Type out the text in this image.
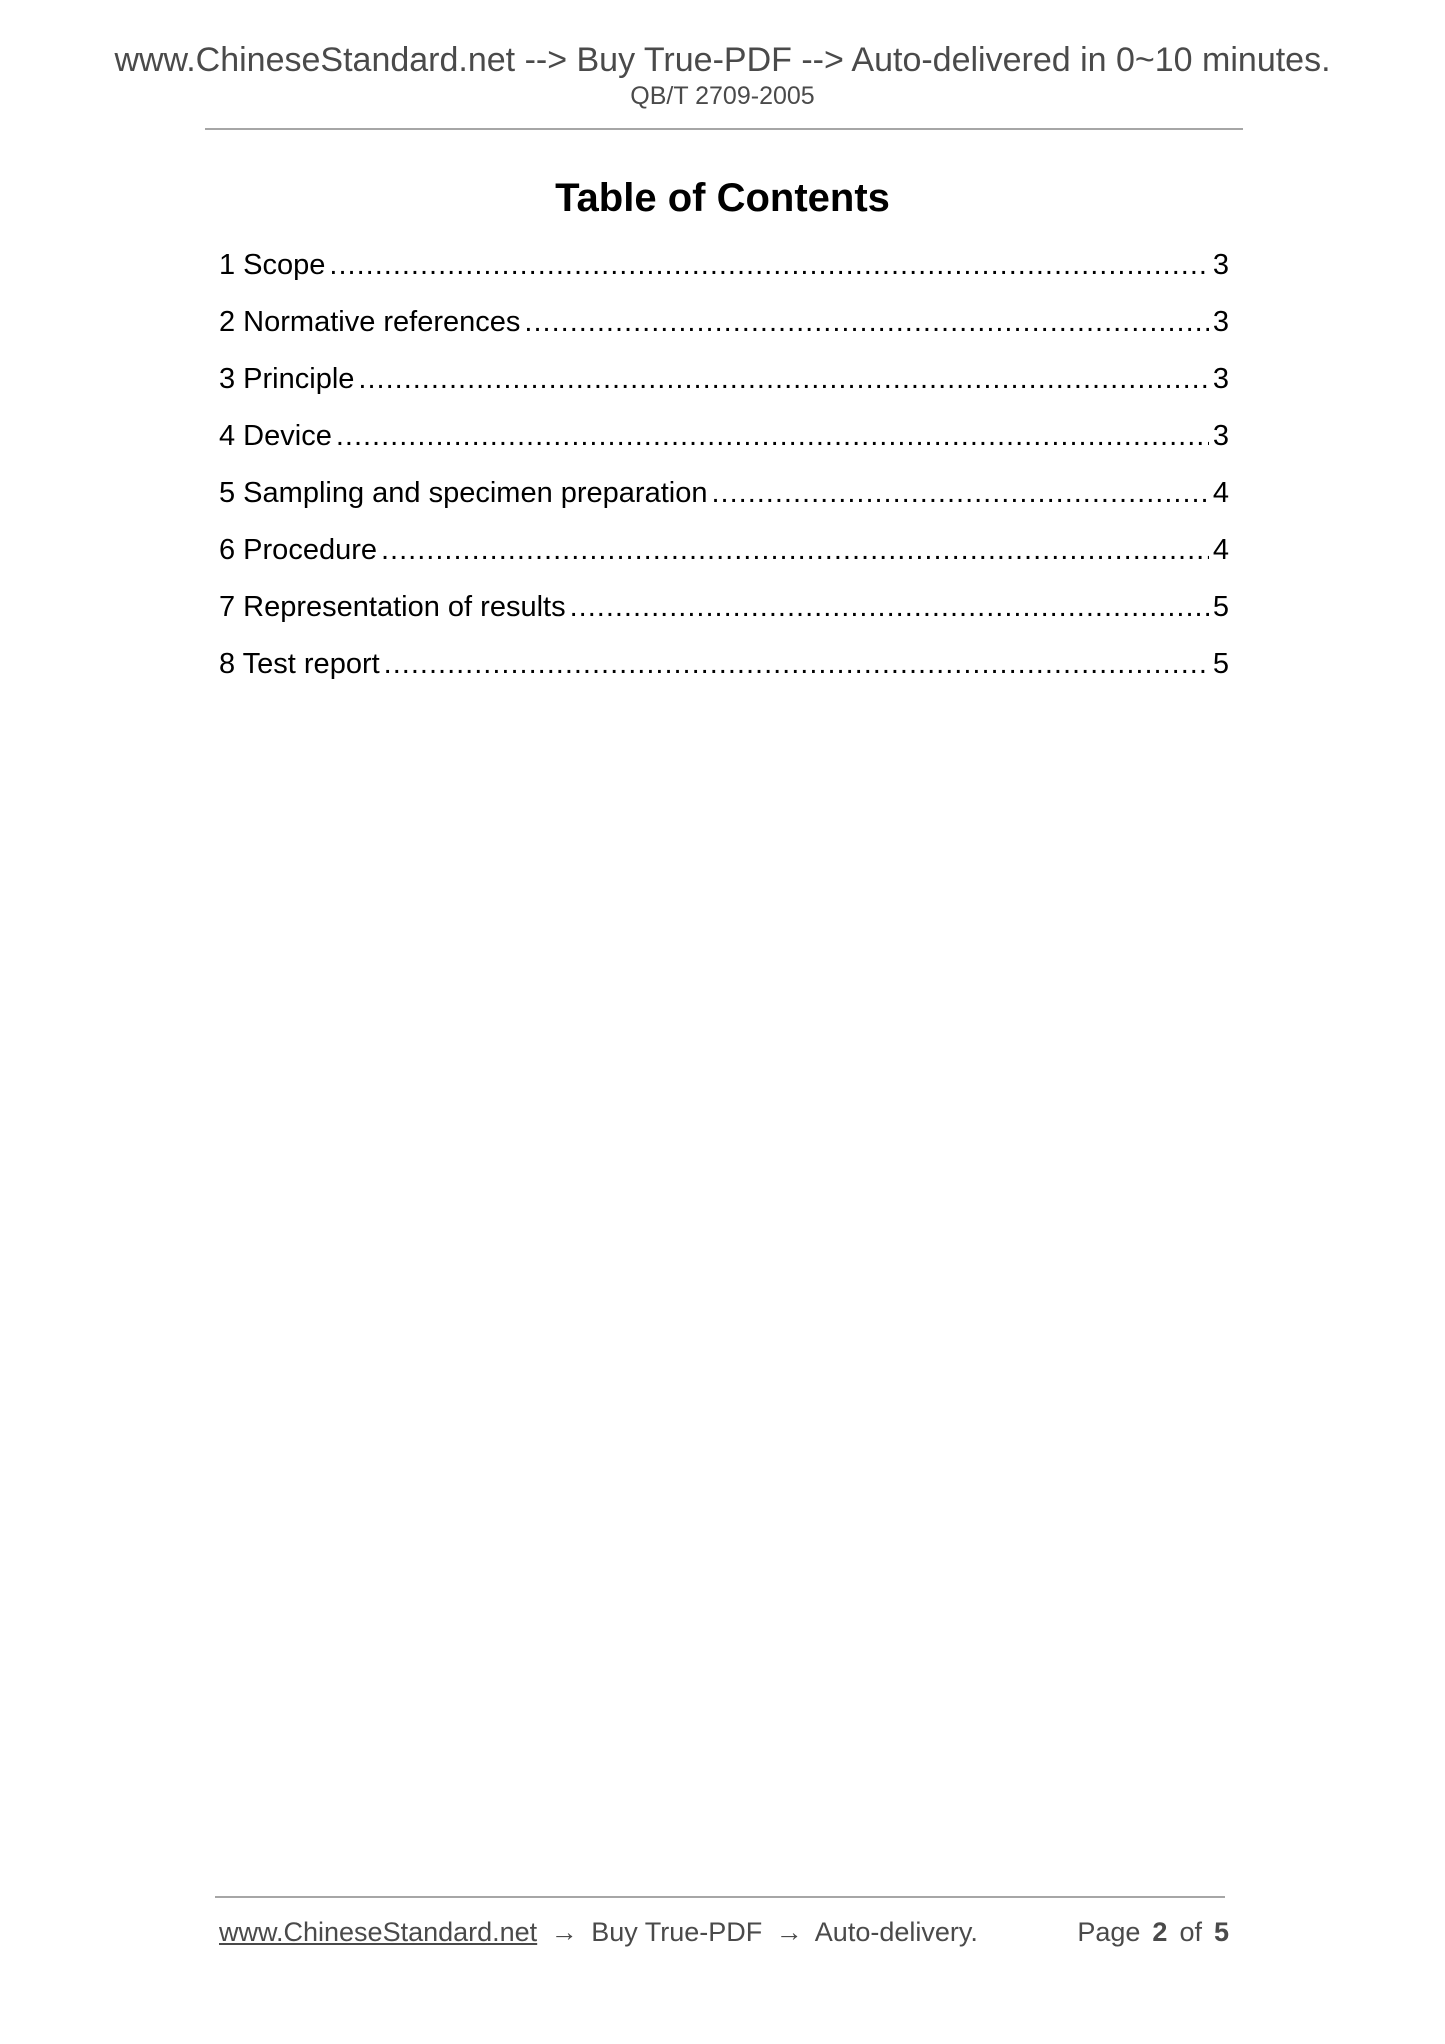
www.ChineseStandard.net --> Buy True-PDF --> Auto-delivered in 0~10 minutes.
QB/T 2709-2005
Table of Contents
1 Scope .....	3
2 Normative references .....	3
3 Principle .....	3
4 Device .....	3
5 Sampling and specimen preparation .....	4
6 Procedure .....	4
7 Representation of results .....	5
8 Test report .....	5
www.ChineseStandard.net → Buy True-PDF → Auto-delivery.	Page 2 of 5
